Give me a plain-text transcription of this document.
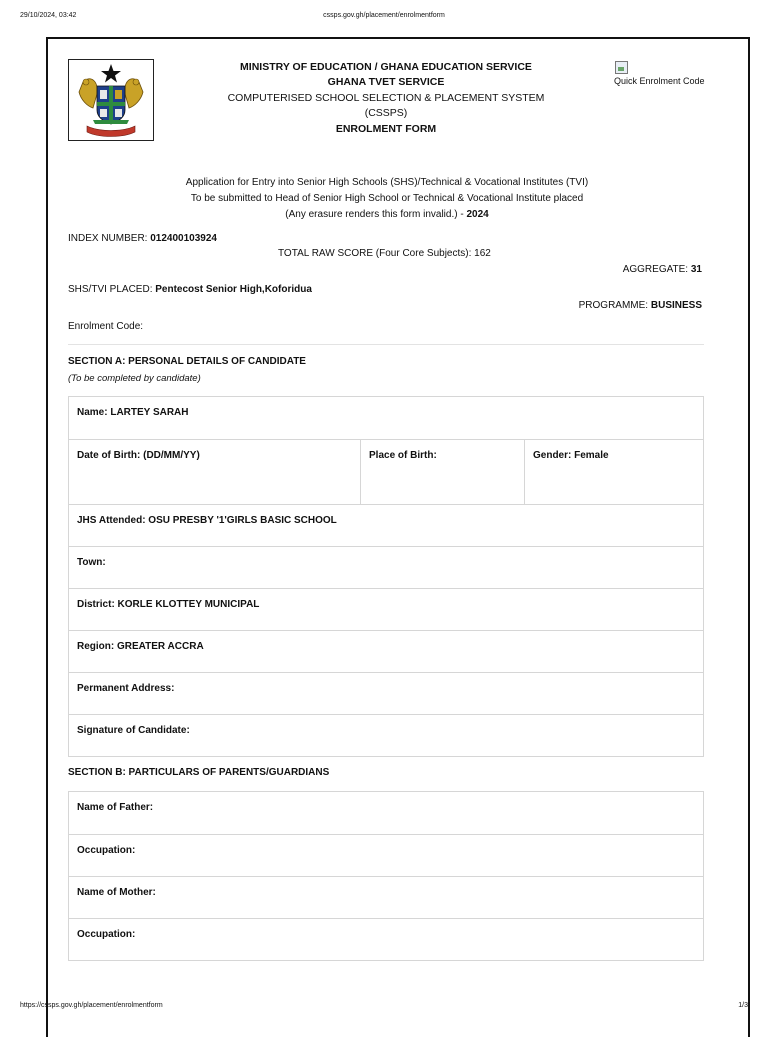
29/10/2024, 03:42	cssps.gov.gh/placement/enrolmentform
MINISTRY OF EDUCATION / GHANA EDUCATION SERVICE
GHANA TVET SERVICE
COMPUTERISED SCHOOL SELECTION & PLACEMENT SYSTEM
(CSSPS)
ENROLMENT FORM
Quick Enrolment Code
Application for Entry into Senior High Schools (SHS)/Technical & Vocational Institutes (TVI)
To be submitted to Head of Senior High School or Technical & Vocational Institute placed
(Any erasure renders this form invalid.) - 2024
INDEX NUMBER: 012400103924
TOTAL RAW SCORE (Four Core Subjects): 162
AGGREGATE: 31
SHS/TVI PLACED: Pentecost Senior High,Koforidua
PROGRAMME: BUSINESS
Enrolment Code:
SECTION A: PERSONAL DETAILS OF CANDIDATE
(To be completed by candidate)
Name: LARTEY SARAH
Date of Birth: (DD/MM/YY)	Place of Birth:	Gender: Female
JHS Attended: OSU PRESBY '1'GIRLS BASIC SCHOOL
Town:
District: KORLE KLOTTEY MUNICIPAL
Region: GREATER ACCRA
Permanent Address:
Signature of Candidate:
SECTION B: PARTICULARS OF PARENTS/GUARDIANS
Name of Father:
Occupation:
Name of Mother:
Occupation:
https://cssps.gov.gh/placement/enrolmentform	1/3
